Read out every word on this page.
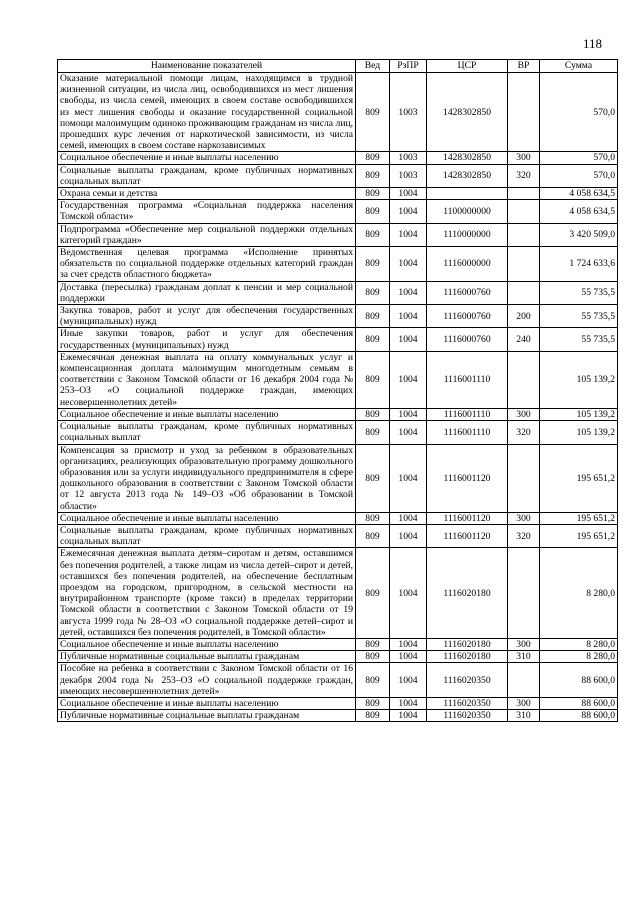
118
Наименование показателей	Вед	РзПР	ЦСР	ВР	Сумма
Оказание материальной помощи лицам, находящимся в трудной жизненной ситуации, из числа лиц, освободившихся из мест лишения свободы, из числа семей, имеющих в своем составе освободившихся из мест лишения свободы и оказание государственной социальной помощи малоимущим одиноко проживающим гражданам из числа лиц, прошедших курс лечения от наркотической зависимости, из числа семей, имеющих в своем составе наркозависимых	809	1003	1428302850		570,0
Социальное обеспечение и иные выплаты населению	809	1003	1428302850	300	570,0
Социальные выплаты гражданам, кроме публичных нормативных социальных выплат	809	1003	1428302850	320	570,0
Охрана семьи и детства	809	1004			4 058 634,5
Государственная программа «Социальная поддержка населения Томской области»	809	1004	1100000000		4 058 634,5
Подпрограмма «Обеспечение мер социальной поддержки отдельных категорий граждан»	809	1004	1110000000		3 420 509,0
Ведомственная целевая программа «Исполнение принятых обязательств по социальной поддержке отдельных категорий граждан за счет средств областного бюджета»	809	1004	1116000000		1 724 633,6
Доставка (пересылка) гражданам доплат к пенсии и мер социальной поддержки	809	1004	1116000760		55 735,5
Закупка товаров, работ и услуг для обеспечения государственных (муниципальных) нужд	809	1004	1116000760	200	55 735,5
Иные закупки товаров, работ и услуг для обеспечения государственных (муниципальных) нужд	809	1004	1116000760	240	55 735,5
Ежемесячная денежная выплата на оплату коммунальных услуг и компенсационная доплата малоимущим многодетным семьям в соответствии с Законом Томской области от 16 декабря 2004 года № 253–ОЗ «О социальной поддержке граждан, имеющих несовершеннолетних детей»	809	1004	1116001110		105 139,2
Социальное обеспечение и иные выплаты населению	809	1004	1116001110	300	105 139,2
Социальные выплаты гражданам, кроме публичных нормативных социальных выплат	809	1004	1116001110	320	105 139,2
Компенсация за присмотр и уход за ребенком в образовательных организациях, реализующих образовательную программу дошкольного образования или за услуги индивидуального предпринимателя в сфере дошкольного образования в соответствии с Законом Томской области от 12 августа 2013 года № 149–ОЗ «Об образовании в Томской области»	809	1004	1116001120		195 651,2
Социальное обеспечение и иные выплаты населению	809	1004	1116001120	300	195 651,2
Социальные выплаты гражданам, кроме публичных нормативных социальных выплат	809	1004	1116001120	320	195 651,2
Ежемесячная денежная выплата детям–сиротам и детям, оставшимся без попечения родителей, а также лицам из числа детей–сирот и детей, оставшихся без попечения родителей, на обеспечение бесплатным проездом на городском, пригородном, в сельской местности на внутрирайонном транспорте (кроме такси) в пределах территории Томской области в соответствии с Законом Томской области от 19 августа 1999 года № 28–ОЗ «О социальной поддержке детей–сирот и детей, оставшихся без попечения родителей, в Томской области»	809	1004	1116020180		8 280,0
Социальное обеспечение и иные выплаты населению	809	1004	1116020180	300	8 280,0
Публичные нормативные социальные выплаты гражданам	809	1004	1116020180	310	8 280,0
Пособие на ребенка в соответствии с Законом Томской области от 16 декабря 2004 года № 253–ОЗ «О социальной поддержке граждан, имеющих несовершеннолетних детей»	809	1004	1116020350		88 600,0
Социальное обеспечение и иные выплаты населению	809	1004	1116020350	300	88 600,0
Публичные нормативные социальные выплаты гражданам	809	1004	1116020350	310	88 600,0
